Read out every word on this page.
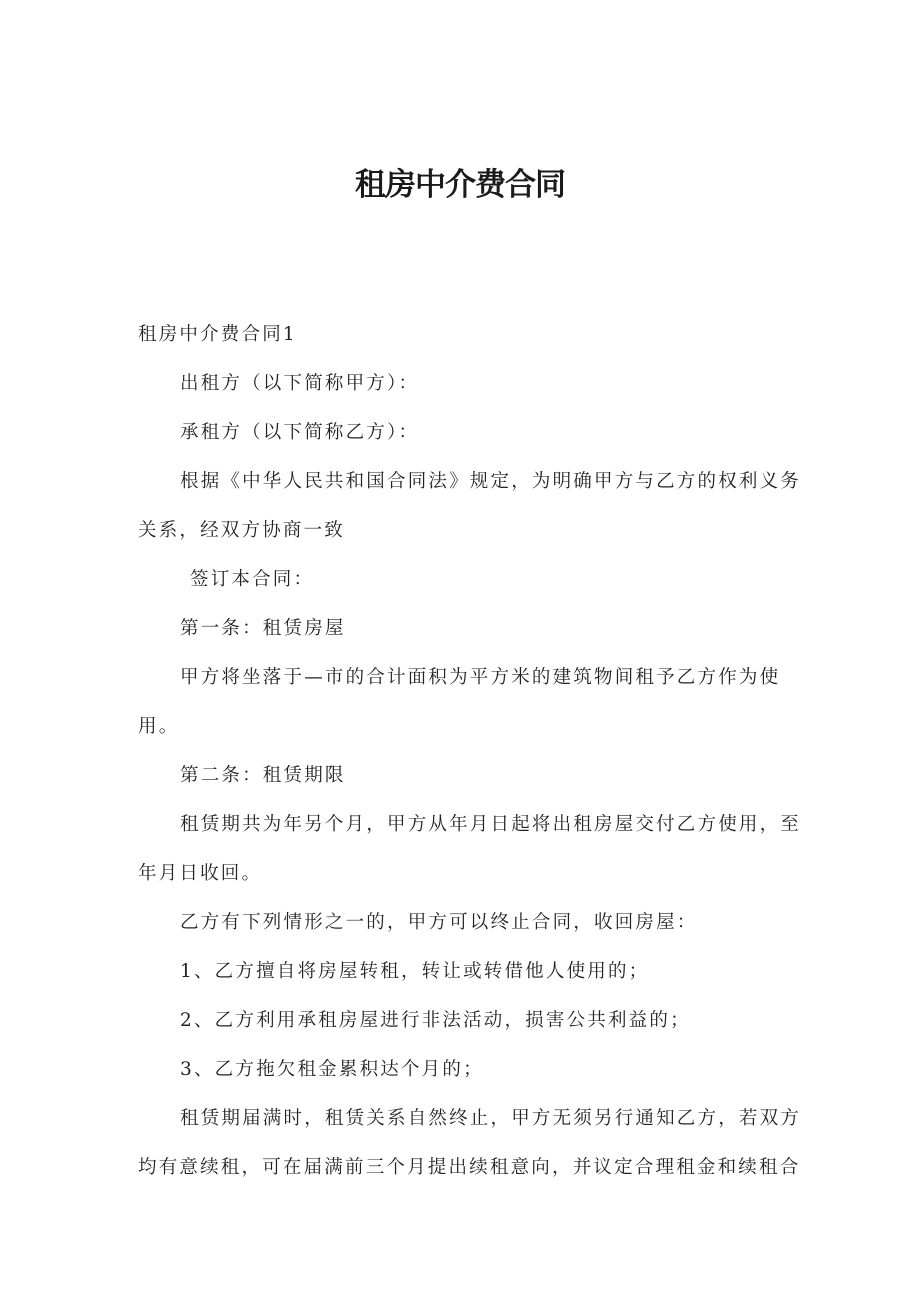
租房中介费合同

租房中介费合同1

出租方（以下简称甲方）：

承租方（以下简称乙方）：

根据《中华人民共和国合同法》规定，为明确甲方与乙方的权利义务

关系，经双方协商一致

签订本合同：

第一条：租赁房屋

甲方将坐落于—市的合计面积为平方米的建筑物间租予乙方作为使

用。

第二条：租赁期限

租赁期共为年另个月，甲方从年月日起将出租房屋交付乙方使用，至

年月日收回。

乙方有下列情形之一的，甲方可以终止合同，收回房屋：

1、乙方擅自将房屋转租，转让或转借他人使用的；

2、乙方利用承租房屋进行非法活动，损害公共利益的；

3、乙方拖欠租金累积达个月的；

租赁期届满时，租赁关系自然终止，甲方无须另行通知乙方，若双方

均有意续租，可在届满前三个月提出续租意向，并议定合理租金和续租合
